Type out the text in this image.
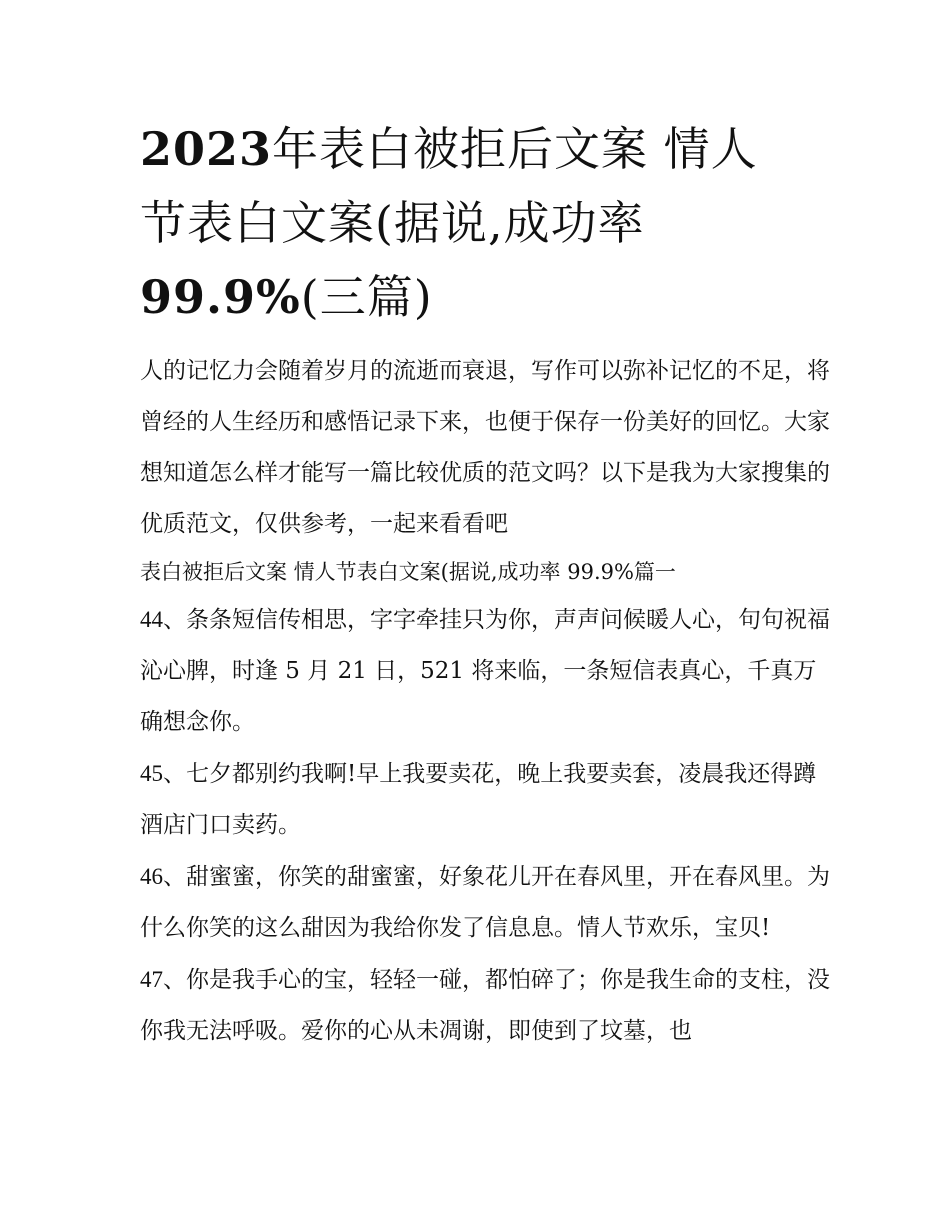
2023年表白被拒后文案 情人
节表白文案(据说,成功率
99.9%(三篇)

人的记忆力会随着岁月的流逝而衰退，写作可以弥补记忆的不足，将曾经的人生经历和感悟记录下来，也便于保存一份美好的回忆。大家想知道怎么样才能写一篇比较优质的范文吗？以下是我为大家搜集的优质范文，仅供参考，一起来看看吧

表白被拒后文案 情人节表白文案(据说,成功率 99.9%篇一

44、条条短信传相思，字字牵挂只为你，声声问候暖人心，句句祝福沁心脾，时逢 5 月 21 日，521 将来临，一条短信表真心，千真万确想念你。

45、七夕都别约我啊!早上我要卖花，晚上我要卖套，凌晨我还得蹲酒店门口卖药。

46、甜蜜蜜，你笑的甜蜜蜜，好象花儿开在春风里，开在春风里。为什么你笑的这么甜因为我给你发了信息息。情人节欢乐，宝贝!

47、你是我手心的宝，轻轻一碰，都怕碎了；你是我生命的支柱，没你我无法呼吸。爱你的心从未凋谢，即使到了坟墓，也
